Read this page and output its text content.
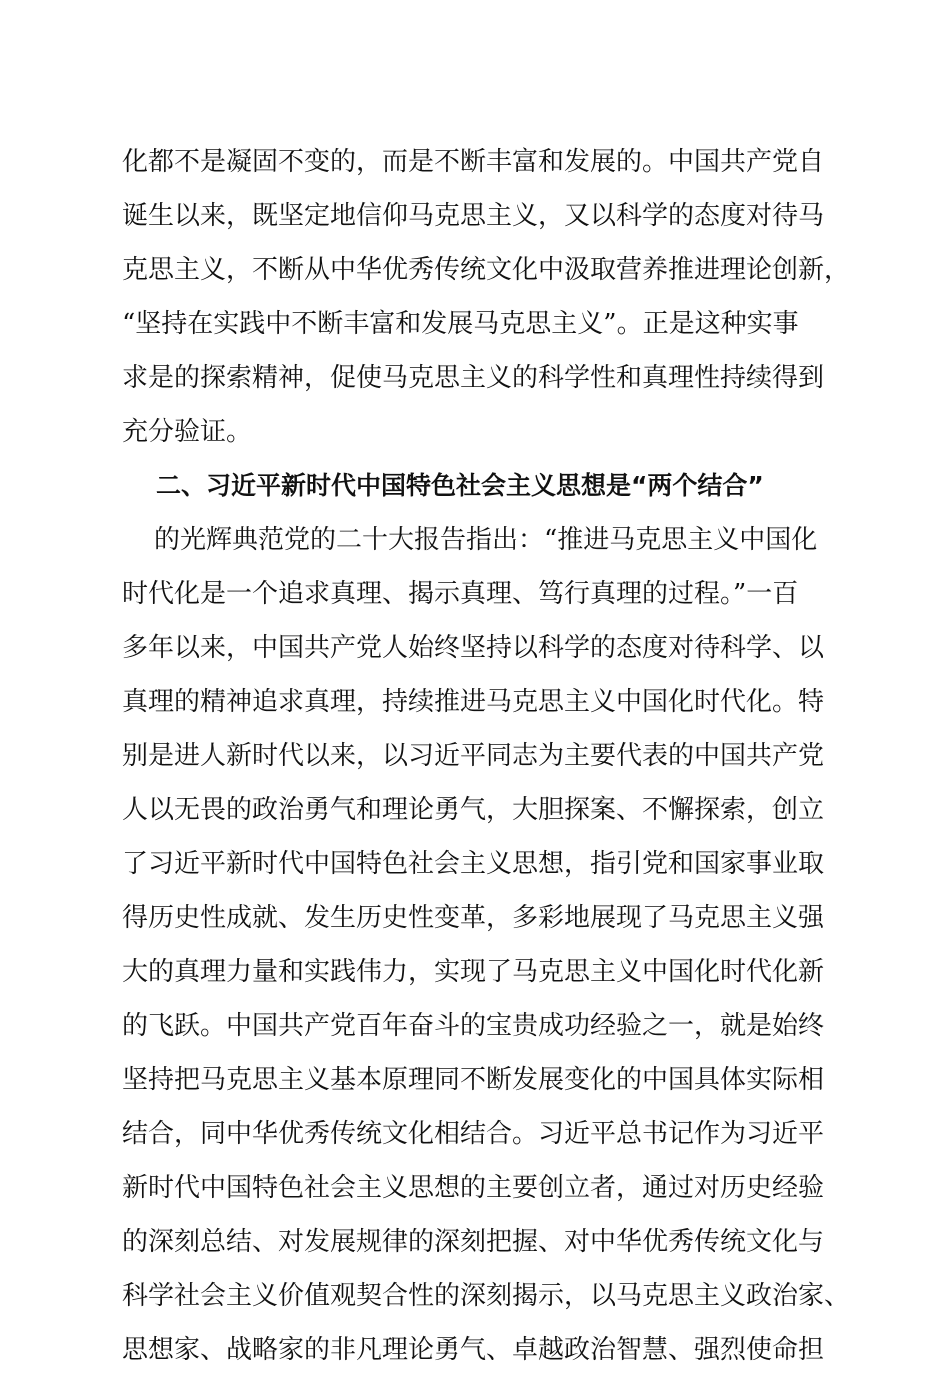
化都不是凝固不变的，而是不断丰富和发展的。中国共产党自
诞生以来，既坚定地信仰马克思主义，又以科学的态度对待马
克思主义，不断从中华优秀传统文化中汲取营养推进理论创新，
“坚持在实践中不断丰富和发展马克思主义”。正是这种实事
求是的探索精神，促使马克思主义的科学性和真理性持续得到
充分验证。
二、习近平新时代中国特色社会主义思想是“两个结合”
的光辉典范党的二十大报告指出：“推进马克思主义中国化
时代化是一个追求真理、揭示真理、笃行真理的过程。”一百
多年以来，中国共产党人始终坚持以科学的态度对待科学、以
真理的精神追求真理，持续推进马克思主义中国化时代化。特
别是进人新时代以来，以习近平同志为主要代表的中国共产党
人以无畏的政治勇气和理论勇气，大胆探案、不懈探索，创立
了习近平新时代中国特色社会主义思想，指引党和国家事业取
得历史性成就、发生历史性变革，多彩地展现了马克思主义强
大的真理力量和实践伟力，实现了马克思主义中国化时代化新
的飞跃。中国共产党百年奋斗的宝贵成功经验之一，就是始终
坚持把马克思主义基本原理同不断发展变化的中国具体实际相
结合，同中华优秀传统文化相结合。习近平总书记作为习近平
新时代中国特色社会主义思想的主要创立者，通过对历史经验
的深刻总结、对发展规律的深刻把握、对中华优秀传统文化与
科学社会主义价值观契合性的深刻揭示，以马克思主义政治家、
思想家、战略家的非凡理论勇气、卓越政治智慧、强烈使命担
